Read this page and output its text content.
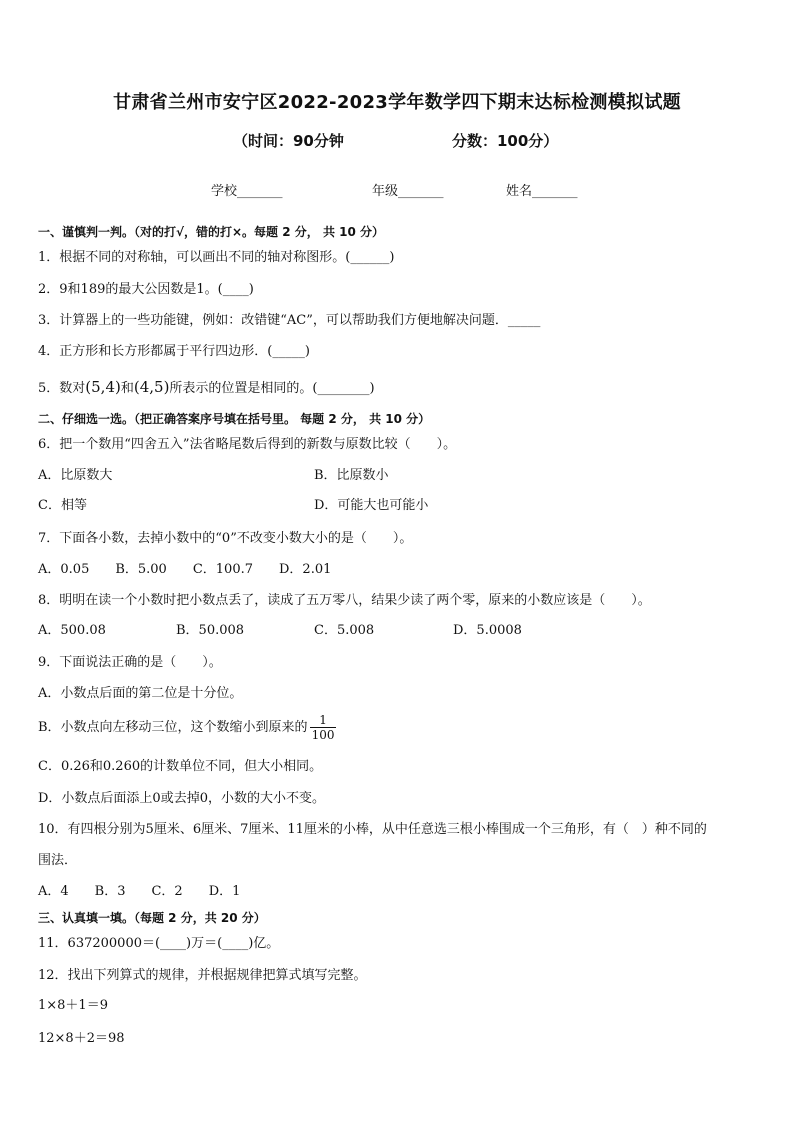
甘肃省兰州市安宁区2022-2023学年数学四下期末达标检测模拟试题
（时间：90分钟	分数：100分）
学校_______	年级_______	姓名_______
一、谨慎判一判。（对的打√，错的打×。每题 2 分， 共 10 分）
1．根据不同的对称轴，可以画出不同的轴对称图形。(______)
2．9和189的最大公因数是1。(____)
3．计算器上的一些功能键，例如：改错键“AC”，可以帮助我们方便地解决问题．_____
4．正方形和长方形都属于平行四边形．(_____)
5．数对(5,4)和(4,5)所表示的位置是相同的。(________)
二、仔细选一选。（把正确答案序号填在括号里。 每题 2 分， 共 10 分）
6．把一个数用“四舍五入”法省略尾数后得到的新数与原数比较（　　）。
A．比原数大	B．比原数小
C．相等	D．可能大也可能小
7．下面各小数，去掉小数中的“0”不改变小数大小的是（　　）。
A．0.05　　B．5.00　　C．100.7　　D．2.01
8．明明在读一个小数时把小数点丢了，读成了五万零八，结果少读了两个零，原来的小数应该是（　　）。
A．500.08	B．50.008	C．5.008	D．5.0008
9．下面说法正确的是（　　）。
A．小数点后面的第二位是十分位。
B．小数点向左移动三位，这个数缩小到原来的 $\frac{1}{100}$
C．0.26和0.260的计数单位不同，但大小相同。
D．小数点后面添上0或去掉0，小数的大小不变。
10．有四根分别为5厘米、6厘米、7厘米、11厘米的小棒，从中任意选三根小棒围成一个三角形，有（　）种不同的
围法．
A．4　　B．3　　C．2　　D．1
三、认真填一填。（每题 2 分，共 20 分）
11．637200000＝(____)万＝(____)亿。
12．找出下列算式的规律，并根据规律把算式填写完整。
1×8＋1＝9
12×8＋2＝98
